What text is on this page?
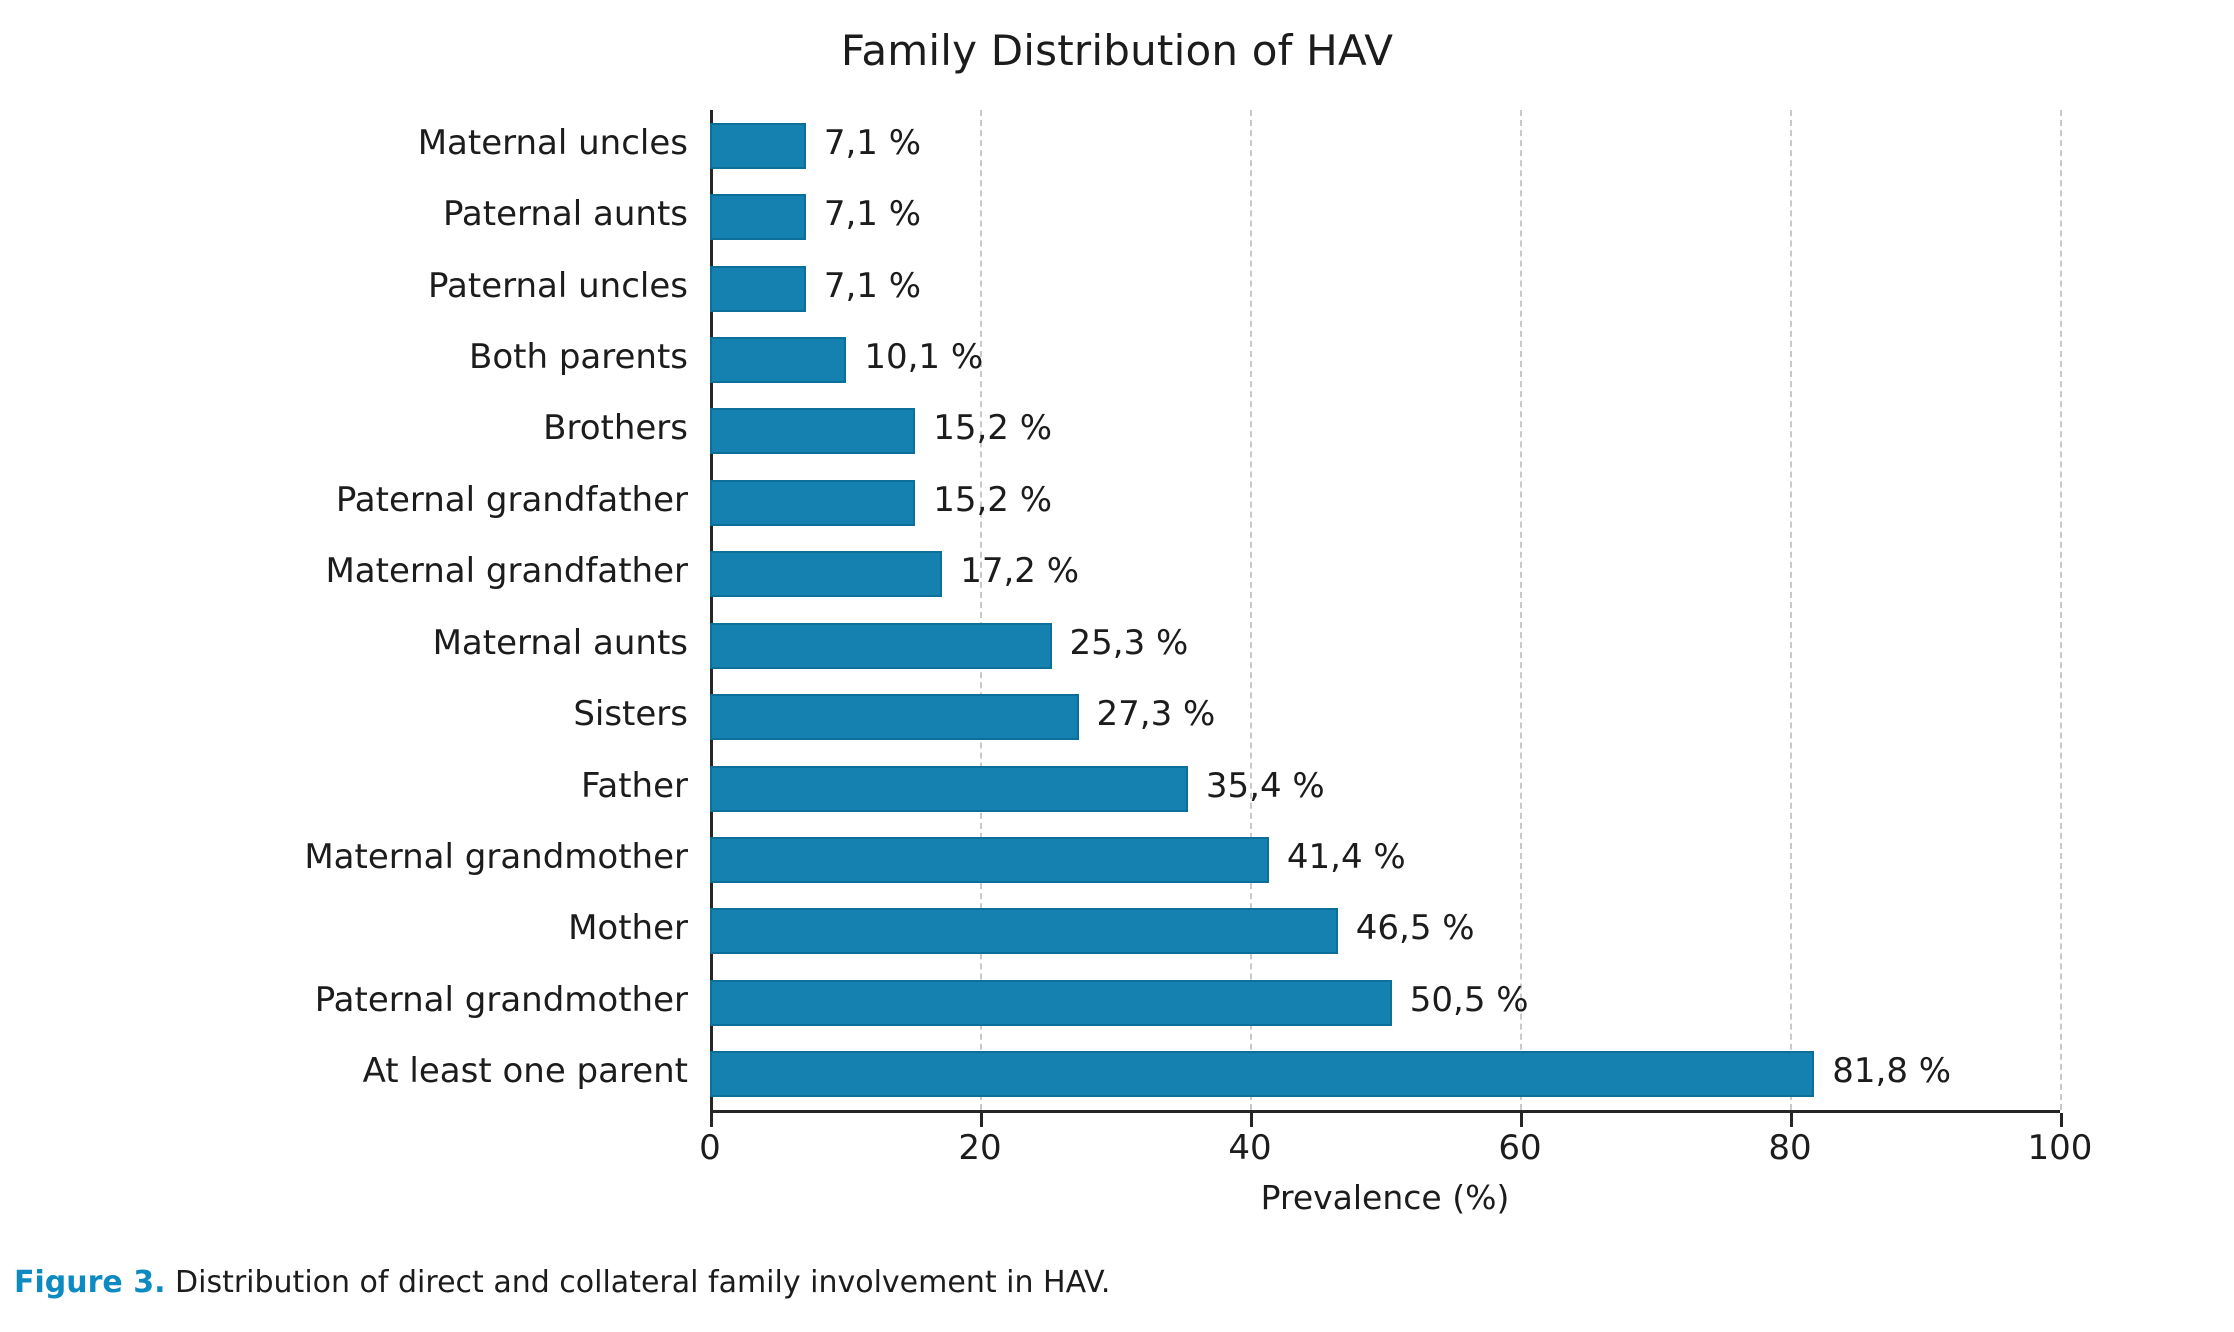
Family Distribution of HAV
0	20	40	60	80	100
Prevalence (%)
7,1 %
Maternal uncles
7,1 %
Paternal aunts
7,1 %
Paternal uncles
10,1 %
Both parents
15,2 %
Brothers
15,2 %
Paternal grandfather
17,2 %
Maternal grandfather
25,3 %
Maternal aunts
27,3 %
Sisters
35,4 %
Father
41,4 %
Maternal grandmother
46,5 %
Mother
50,5 %
Paternal grandmother
81,8 %
At least one parent
Figure 3. Distribution of direct and collateral family involvement in HAV.
